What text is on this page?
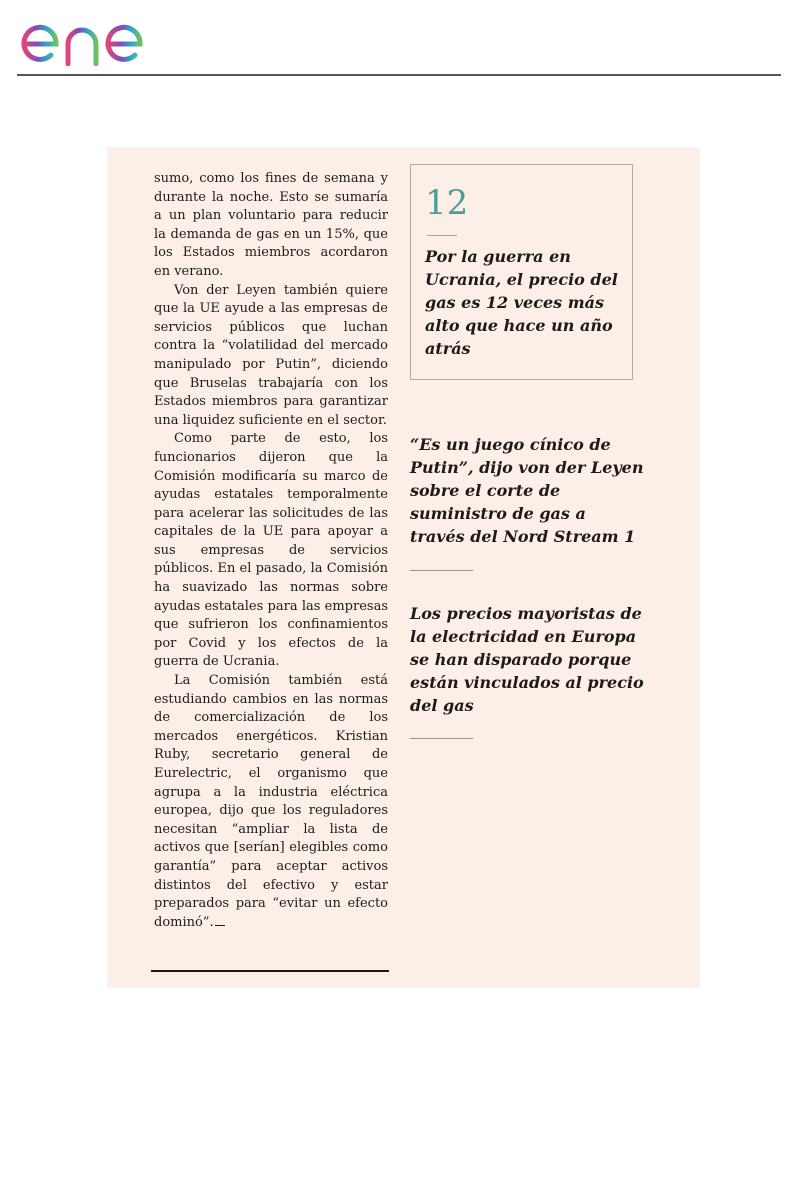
sumo, como los fines de semana y durante la noche. Esto se sumaría a un plan voluntario para reducir la demanda de gas en un 15%, que los Estados miembros acordaron en verano.

Von der Leyen también quiere que la UE ayude a las empresas de servicios públicos que luchan contra la “volatilidad del mercado manipulado por Putin”, diciendo que Bruselas trabajaría con los Estados miembros para garantizar una liquidez suficiente en el sector.

Como parte de esto, los funcionarios dijeron que la Comisión modificaría su marco de ayudas estatales temporalmente para acelerar las solicitudes de las capitales de la UE para apoyar a sus empresas de servicios públicos. En el pasado, la Comisión ha suavizado las normas sobre ayudas estatales para las empresas que sufrieron los confinamientos por Covid y los efectos de la guerra de Ucrania.

La Comisión también está estudiando cambios en las normas de comercialización de los mercados energéticos. Kristian Ruby, secretario general de Eurelectric, el organismo que agrupa a la industria eléctrica europea, dijo que los reguladores necesitan “ampliar la lista de activos que [serían] elegibles como garantía” para aceptar activos distintos del efectivo y estar preparados para “evitar un efecto dominó”.

12
Por la guerra en Ucrania, el precio del gas es 12 veces más alto que hace un año atrás
“Es un juego cínico de Putin”, dijo von der Leyen sobre el corte de suministro de gas a través del Nord Stream 1
Los precios mayoristas de la electricidad en Europa se han disparado porque están vinculados al precio del gas
